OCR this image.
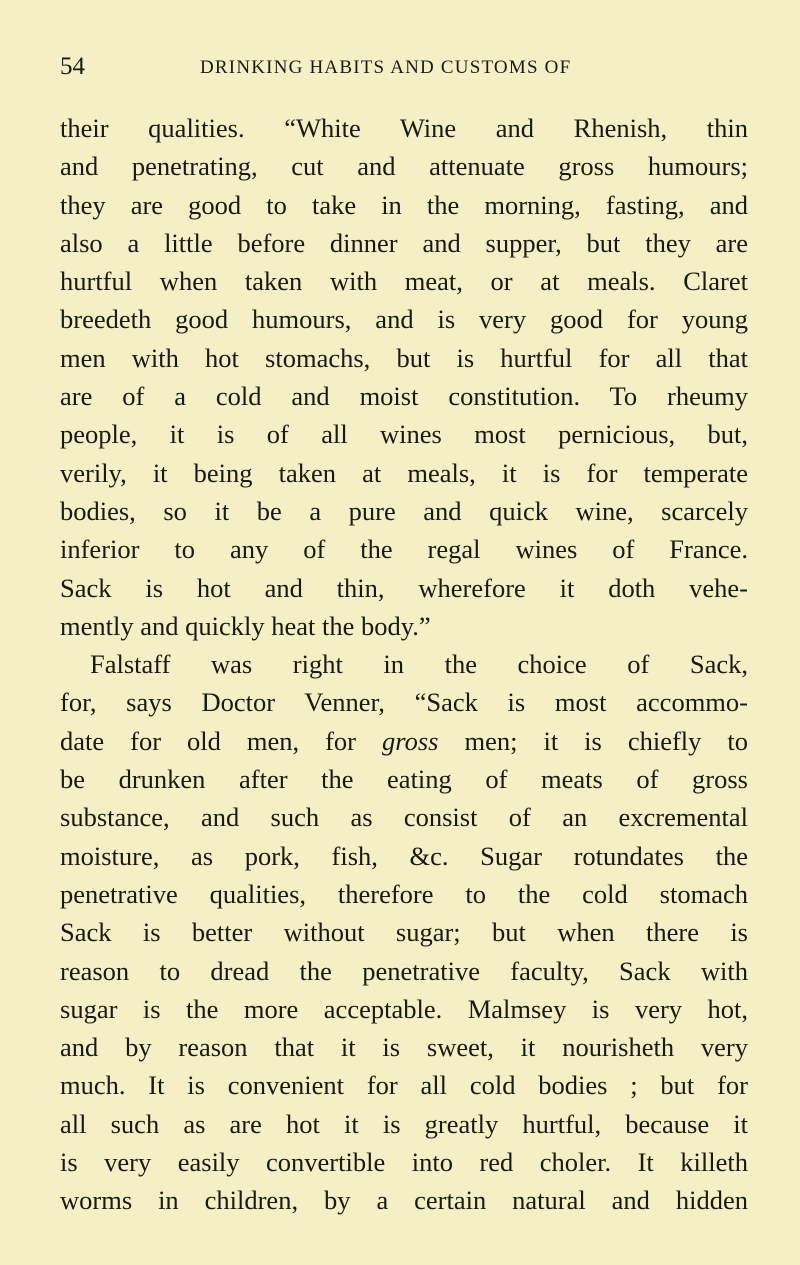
54	DRINKING HABITS AND CUSTOMS OF
their qualities. “White Wine and Rhenish, thin
and penetrating, cut and attenuate gross humours;
they are good to take in the morning, fasting, and
also a little before dinner and supper, but they are
hurtful when taken with meat, or at meals. Claret
breedeth good humours, and is very good for young
men with hot stomachs, but is hurtful for all that
are of a cold and moist constitution. To rheumy
people, it is of all wines most pernicious, but,
verily, it being taken at meals, it is for temperate
bodies, so it be a pure and quick wine, scarcely
inferior to any of the regal wines of France.
Sack is hot and thin, wherefore it doth vehe-
mently and quickly heat the body.”
Falstaff was right in the choice of Sack,
for, says Doctor Venner, “Sack is most accommo-
date for old men, for gross men; it is chiefly to
be drunken after the eating of meats of gross
substance, and such as consist of an excremental
moisture, as pork, fish, &c. Sugar rotundates the
penetrative qualities, therefore to the cold stomach
Sack is better without sugar; but when there is
reason to dread the penetrative faculty, Sack with
sugar is the more acceptable. Malmsey is very hot,
and by reason that it is sweet, it nourisheth very
much. It is convenient for all cold bodies ; but for
all such as are hot it is greatly hurtful, because it
is very easily convertible into red choler. It killeth
worms in children, by a certain natural and hidden
